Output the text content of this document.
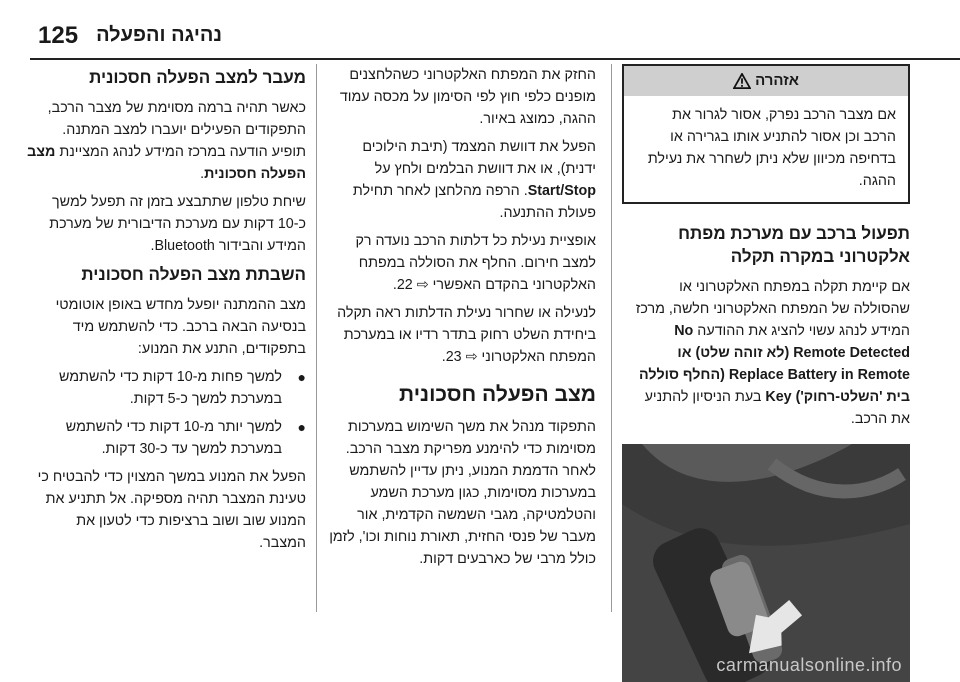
125 נהיגה והפעלה
מעבר למצב הפעלה חסכונית

כאשר תהיה ברמה מסוימת של מצבר הרכב, התפקודים הפעילים יועברו למצב המתנה. תופיע הודעה במרכז המידע לנהג המציינת מצב הפעלה חסכונית.

שיחת טלפון שתתבצע בזמן זה תפעל למשך כ-10 דקות עם מערכת הדיבורית של מערכת המידע והבידור Bluetooth.

השבתת מצב הפעלה חסכונית

מצב ההמתנה יופעל מחדש באופן אוטומטי בנסיעה הבאה ברכב. כדי להשתמש מיד בתפקודים, התנע את המנוע:

●
למשך פחות מ-10 דקות כדי להשתמש במערכת למשך כ-5 דקות.
●
למשך יותר מ-10 דקות כדי להשתמש במערכת למשך עד כ-30 דקות.

הפעל את המנוע במשך המצוין כדי להבטיח כי טעינת המצבר תהיה מספיקה. אל תתניע את המנוע שוב ושוב ברציפות כדי לטעון את המצבר.

החזק את המפתח האלקטרוני כשהלחצנים מופנים כלפי חוץ לפי הסימון על מכסה עמוד ההגה, כמוצג באיור.

הפעל את דוושת המצמד (תיבת הילוכים ידנית), או את דוושת הבלמים ולחץ על Start/Stop. הרפה מהלחצן לאחר תחילת פעולת ההתנעה.

אופציית נעילת כל דלתות הרכב נועדה רק למצב חירום. החלף את הסוללה במפתח האלקטרוני בהקדם האפשרי ⇨ 22.

לנעילה או שחרור נעילת הדלתות ראה תקלה ביחידת השלט רחוק בתדר רדיו או במערכת המפתח האלקטרוני ⇨ 23.

מצב הפעלה חסכונית

התפקוד מנהל את משך השימוש במערכות מסוימות כדי להימנע מפריקת מצבר הרכב. לאחר הדממת המנוע, ניתן עדיין להשתמש במערכות מסוימות, כגון מערכת השמע והטלמטיקה, מגבי השמשה הקדמית, אור מעבר של פנסי החזית, תאורת נוחות וכו', לזמן כולל מרבי של כארבעים דקות.

אזהרה
אם מצבר הרכב נפרק, אסור לגרור את הרכב וכן אסור להתניע אותו בגרירה או בדחיפה מכיוון שלא ניתן לשחרר את נעילת ההגה.
תפעול ברכב עם מערכת מפתח אלקטרוני במקרה תקלה

אם קיימת תקלה במפתח האלקטרוני או שהסוללה של המפתח האלקטרוני חלשה, מרכז המידע לנהג עשוי להציג את ההודעה No Remote Detected (לא זוהה שלט) או Replace Battery in Remote (החלף סוללה בית 'השלט-רחוק') Key בעת הניסיון להתניע את הרכב.

carmanualsonline.info
